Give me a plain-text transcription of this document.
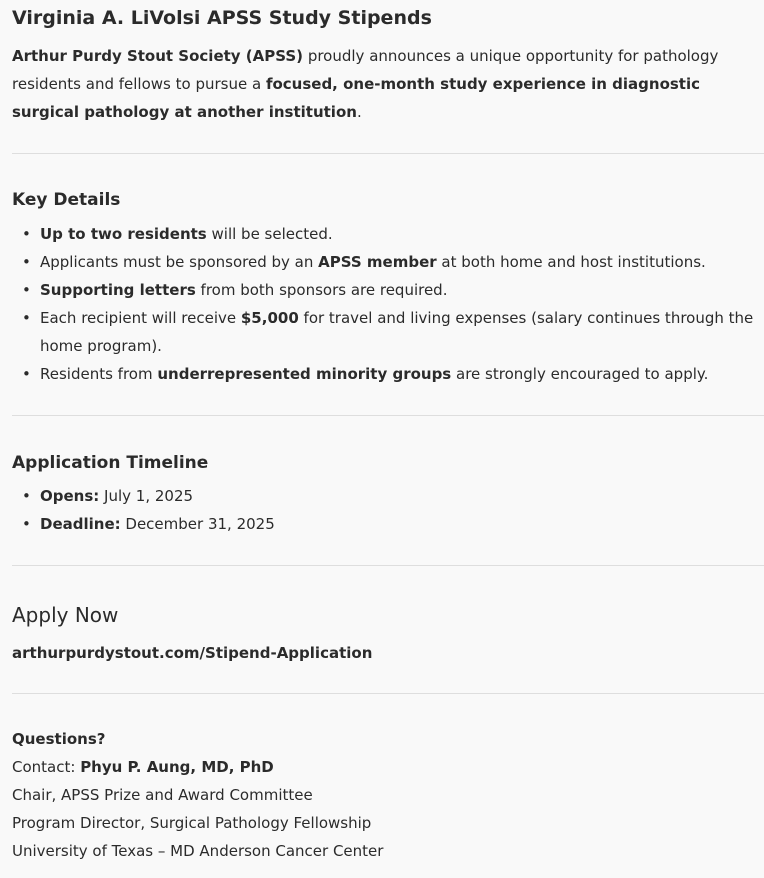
Virginia A. LiVolsi APSS Study Stipends

Arthur Purdy Stout Society (APSS) proudly announces a unique opportunity for pathology residents and fellows to pursue a focused, one-month study experience in diagnostic surgical pathology at another institution.

Key Details
• Up to two residents will be selected.
• Applicants must be sponsored by an APSS member at both home and host institutions.
• Supporting letters from both sponsors are required.
• Each recipient will receive $5,000 for travel and living expenses (salary continues through the home program).
• Residents from underrepresented minority groups are strongly encouraged to apply.
Application Timeline
• Opens: July 1, 2025
• Deadline: December 31, 2025
Apply Now

arthurpurdystout.com/Stipend-Application

Questions?
Contact: Phyu P. Aung, MD, PhD
Chair, APSS Prize and Award Committee
Program Director, Surgical Pathology Fellowship
University of Texas – MD Anderson Cancer Center
